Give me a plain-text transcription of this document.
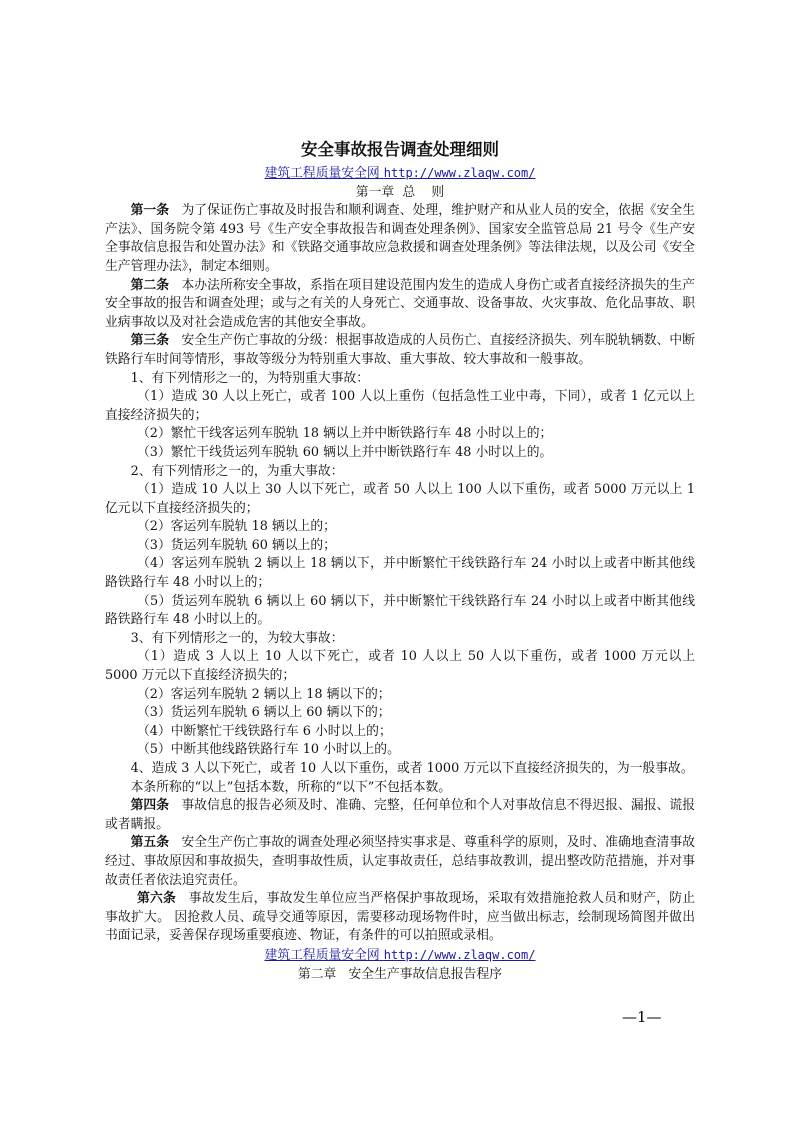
安全事故报告调查处理细则
建筑工程质量安全网 http://www.zlaqw.com/
第一章  总    则

第一条 为了保证伤亡事故及时报告和顺利调查、处理，维护财产和从业人员的安全，依据《安全生产法》、国务院令第 493 号《生产安全事故报告和调查处理条例》、国家安全监管总局 21 号令《生产安全事故信息报告和处置办法》和《铁路交通事故应急救援和调查处理条例》等法律法规，以及公司《安全生产管理办法》，制定本细则。

第二条 本办法所称安全事故，系指在项目建设范围内发生的造成人身伤亡或者直接经济损失的生产安全事故的报告和调查处理；或与之有关的人身死亡、交通事故、设备事故、火灾事故、危化品事故、职业病事故以及对社会造成危害的其他安全事故。

第三条 安全生产伤亡事故的分级：根据事故造成的人员伤亡、直接经济损失、列车脱轨辆数、中断铁路行车时间等情形，事故等级分为特别重大事故、重大事故、较大事故和一般事故。

1、有下列情形之一的，为特别重大事故：

（1）造成 30 人以上死亡，或者 100 人以上重伤（包括急性工业中毒，下同），或者 1 亿元以上直接经济损失的；

（2）繁忙干线客运列车脱轨 18 辆以上并中断铁路行车 48 小时以上的；

（3）繁忙干线货运列车脱轨 60 辆以上并中断铁路行车 48 小时以上的。

2、有下列情形之一的，为重大事故：

（1）造成 10 人以上 30 人以下死亡，或者 50 人以上 100 人以下重伤，或者 5000 万元以上 1 亿元以下直接经济损失的；

（2）客运列车脱轨 18 辆以上的；

（3）货运列车脱轨 60 辆以上的；

（4）客运列车脱轨 2 辆以上 18 辆以下，并中断繁忙干线铁路行车 24 小时以上或者中断其他线路铁路行车 48 小时以上的；

（5）货运列车脱轨 6 辆以上 60 辆以下，并中断繁忙干线铁路行车 24 小时以上或者中断其他线路铁路行车 48 小时以上的。

3、有下列情形之一的，为较大事故：

（1）造成 3 人以上 10 人以下死亡，或者 10 人以上 50 人以下重伤，或者 1000 万元以上 5000 万元以下直接经济损失的；

（2）客运列车脱轨 2 辆以上 18 辆以下的；

（3）货运列车脱轨 6 辆以上 60 辆以下的；

（4）中断繁忙干线铁路行车 6 小时以上的；

（5）中断其他线路铁路行车 10 小时以上的。

4、造成 3 人以下死亡，或者 10 人以下重伤，或者 1000 万元以下直接经济损失的，为一般事故。

本条所称的“以上”包括本数，所称的“以下”不包括本数。

第四条 事故信息的报告必须及时、准确、完整，任何单位和个人对事故信息不得迟报、漏报、谎报或者瞒报。

第五条 安全生产伤亡事故的调查处理必须坚持实事求是、尊重科学的原则，及时、准确地查清事故经过、事故原因和事故损失，查明事故性质，认定事故责任，总结事故教训，提出整改防范措施，并对事故责任者依法追究责任。

第六条 事故发生后，事故发生单位应当严格保护事故现场，采取有效措施抢救人员和财产，防止事故扩大。 因抢救人员、疏导交通等原因，需要移动现场物件时，应当做出标志，绘制现场简图并做出书面记录，妥善保存现场重要痕迹、物证，有条件的可以拍照或录相。

建筑工程质量安全网 http://www.zlaqw.com/
第二章   安全生产事故信息报告程序
—1—
